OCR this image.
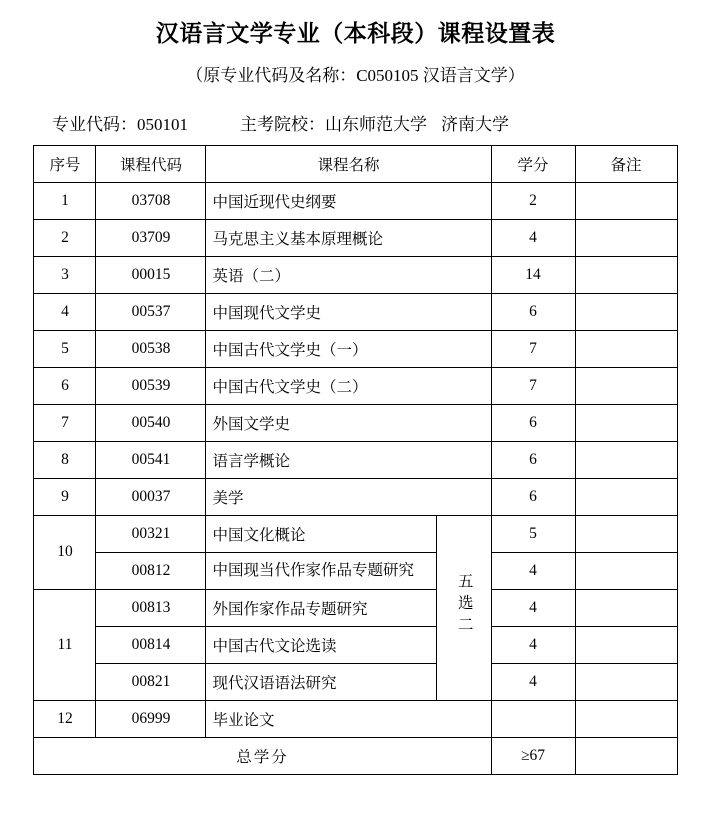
汉语言文学专业（本科段）课程设置表
（原专业代码及名称：C050105 汉语言文学）
专业代码：050101	主考院校：山东师范大学 济南大学
序号	课程代码	课程名称		学分	备注
1	03708	中国近现代史纲要		2	
2	03709	马克思主义基本原理概论		4	
3	00015	英语（二）		14	
4	00537	中国现代文学史		6	
5	00538	中国古代文学史（一）		7	
6	00539	中国古代文学史（二）		7	
7	00540	外国文学史		6	
8	00541	语言学概论		6	
9	00037	美学		6	
10	00321	中国文化概论	五选二	5	
	00812	中国现当代作家作品专题研究		4	
11	00813	外国作家作品专题研究		4	
	00814	中国古代文论选读		4	
	00821	现代汉语语法研究		4	
12	06999	毕业论文			
总学分				≥67	
